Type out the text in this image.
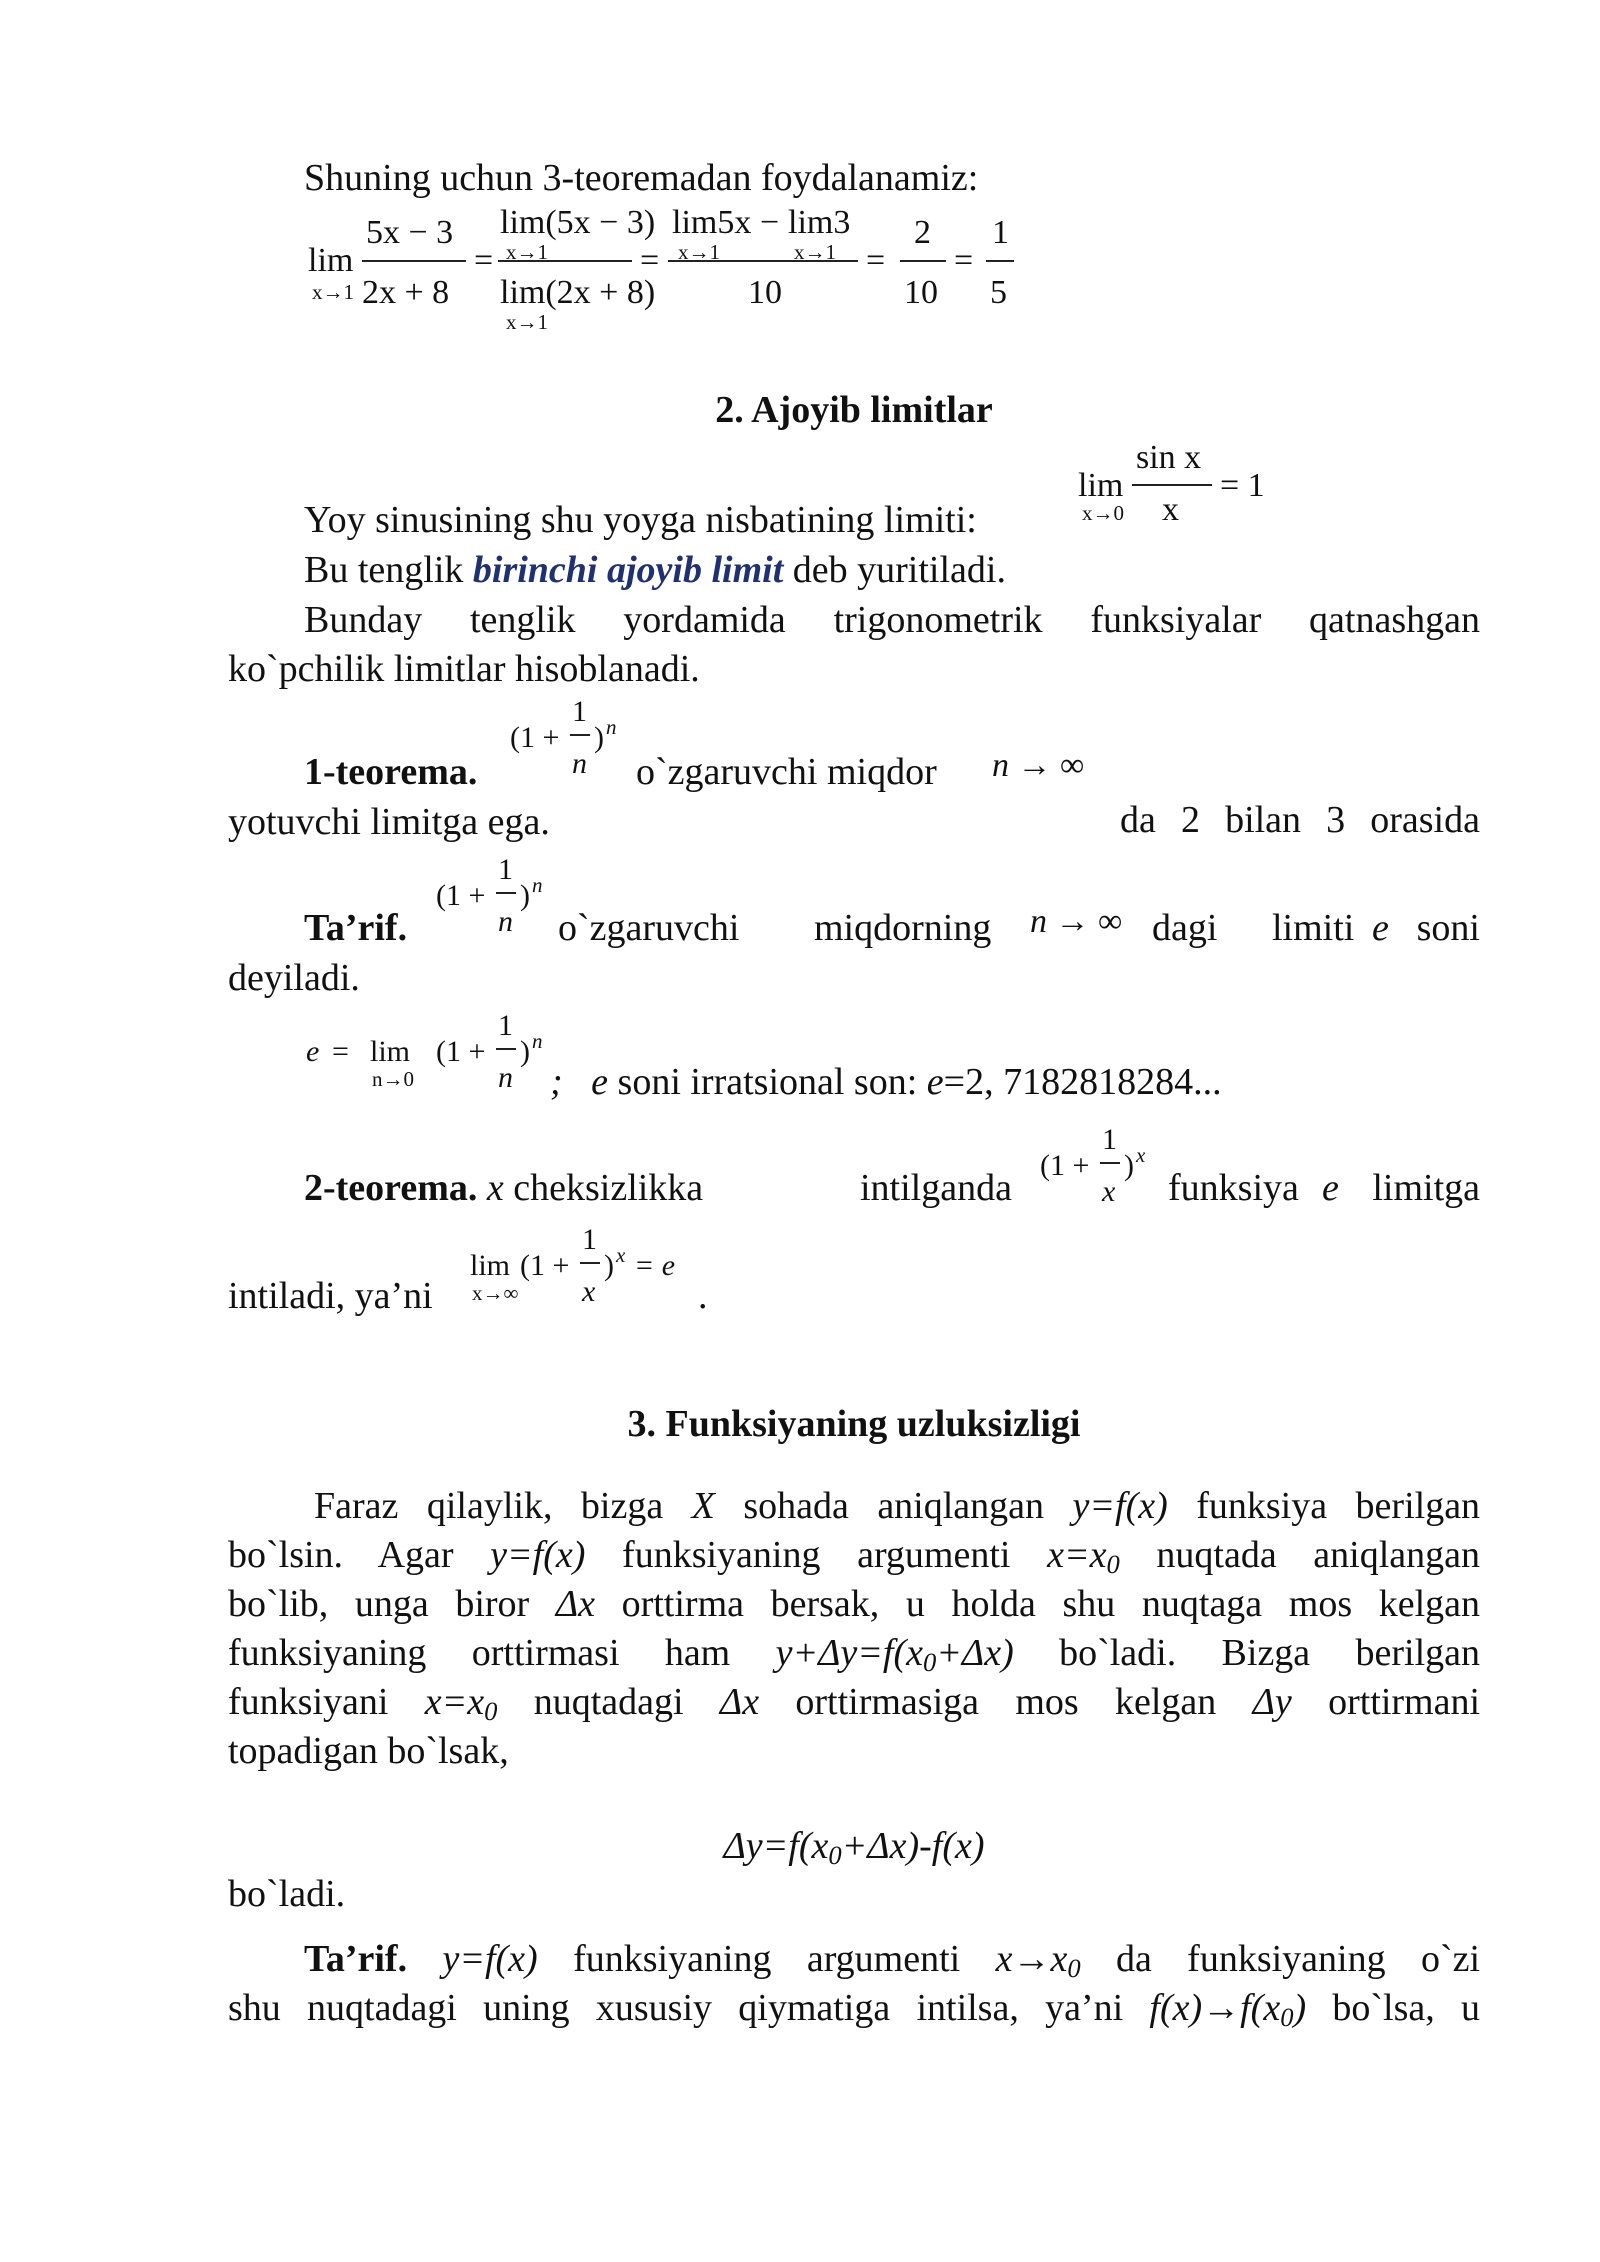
Shuning uchun 3-teoremadan foydalanamiz:
lim
x→1
5x − 3
2x + 8
=
lim(5x − 3)
x→1
lim(2x + 8)
x→1
=
lim5x
x→1
− lim3
x→1
10
=
2
10
=
1
5
2. Ajoyib limitlar
lim
x→0
sin x
x
= 1
Yoy sinusining shu yoyga nisbatining limiti:
Bu tenglik birinchi ajoyib limit deb yuritiladi.
Bunday tenglik yordamida trigonometrik funksiyalar qatnashgan
ko`pchilik limitlar hisoblanadi.
(1 +
1
n
) n
1-teorema.	o`zgaruvchi miqdor n → ∞
da 2 bilan 3 orasida
yotuvchi limitga ega.
(1 +
1
n
) n
Ta’rif.	o`zgaruvchi miqdorning n → ∞ dagi limiti e soni
deyiladi.
e = lim
n→0
(1 +
1
n
) n
; e soni irratsional son: e=2, 7182818284...
(1 +
1
x
) x
2-teorema. x cheksizlikka	intilganda	funksiya e limitga
lim
x→∞
(1 +
1
x
) x = e
intiladi, ya’ni	.
3. Funksiyaning uzluksizligi
Faraz qilaylik, bizga X sohada aniqlangan y=f(x) funksiya berilgan
bo`lsin. Agar y=f(x) funksiyaning argumenti $x=x_0$ nuqtada aniqlangan
bo`lib, unga biror Δx orttirma bersak, u holda shu nuqtaga mos kelgan
funksiyaning orttirmasi ham $y+\Delta y=f(x_0+\Delta x)$ bo`ladi. Bizga berilgan
funksiyani $x=x_0$ nuqtadagi Δx orttirmasiga mos kelgan Δy orttirmani
topadigan bo`lsak,
$\Delta y=f(x_0+\Delta x)-f(x)$
bo`ladi.
Ta’rif. y=f(x) funksiyaning argumenti $x\to x_0$ da funksiyaning o`zi
shu nuqtadagi uning xususiy qiymatiga intilsa, ya’ni $f(x)\to f(x_0)$ bo`lsa, u
